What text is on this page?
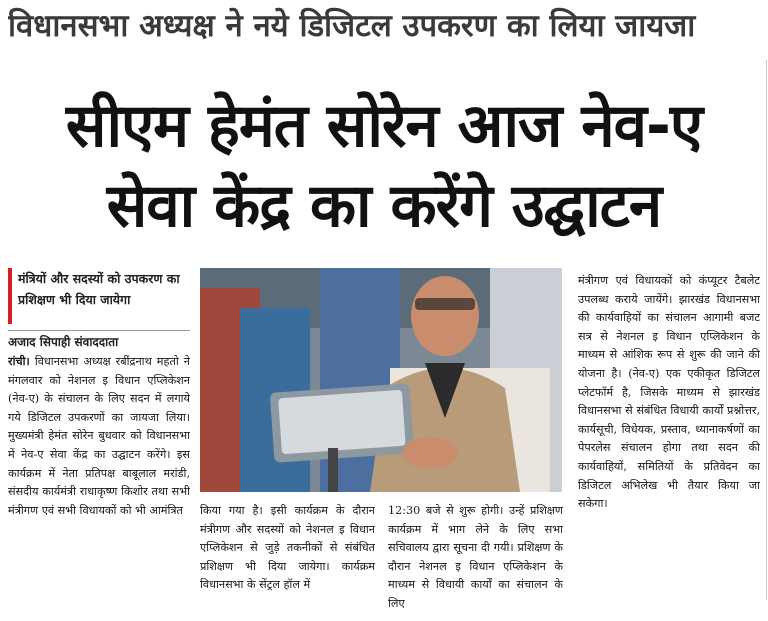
विधानसभा अध्यक्ष ने नये डिजिटल उपकरण का लिया जायजा
सीएम हेमंत सोरेन आज नेव-ए
सेवा केंद्र का करेंगे उद्घाटन
मंत्रियों और सदस्यों को उपकरण का प्रशिक्षण भी दिया जायेगा
अजाद सिपाही संवाददाता
रांची। विधानसभा अध्यक्ष रबींद्रनाथ महतो ने मंगलवार को नेशनल इ विधान एप्लिकेशन (नेव-ए) के संचालन के लिए सदन में लगाये गये डिजिटल उपकरणों का जायजा लिया। मुख्यमंत्री हेमंत सोरेन बुधवार को विधानसभा में नेव-ए सेवा केंद्र का उद्घाटन करेंगे। इस कार्यक्रम में नेता प्रतिपक्ष बाबूलाल मरांडी, संसदीय कार्यमंत्री राधाकृष्ण किशोर तथा सभी मंत्रीगण एवं सभी विधायकों को भी आमंत्रित	किया गया है। इसी कार्यक्रम के दौरान मंत्रीगण और सदस्यों को नेशनल इ विधान एप्लिकेशन से जुड़े तकनीकों से संबंधित प्रशिक्षण भी दिया जायेगा। कार्यक्रम विधानसभा के सेंट्रल हॉल में
12:30 बजे से शुरू होगी। उन्हें प्रशिक्षण कार्यक्रम में भाग लेने के लिए सभा सचिवालय द्वारा सूचना दी गयी। प्रशिक्षण के दौरान नेशनल इ विधान एप्लिकेशन के माध्यम से विधायी कार्यों का संचालन के लिए
मंत्रीगण एवं विधायकों को कंप्यूटर टैबलेट उपलब्ध कराये जायेंगे। झारखंड विधानसभा की कार्यवाहियों का संचालन आगामी बजट सत्र से नेशनल इ विधान एप्लिकेशन के माध्यम से आंशिक रूप से शुरू की जाने की योजना है। (नेव-ए) एक एकीकृत डिजिटल प्लेटफॉर्म है, जिसके माध्यम से झारखंड विधानसभा से संबंधित विधायी कार्यों प्रश्नोत्तर, कार्यसूची, विधेयक, प्रस्ताव, ध्यानाकर्षणों का पेपरलेस संचालन होगा तथा सदन की कार्यवाहियों, समितियों के प्रतिवेदन का डिजिटल अभिलेख भी तैयार किया जा सकेगा।
